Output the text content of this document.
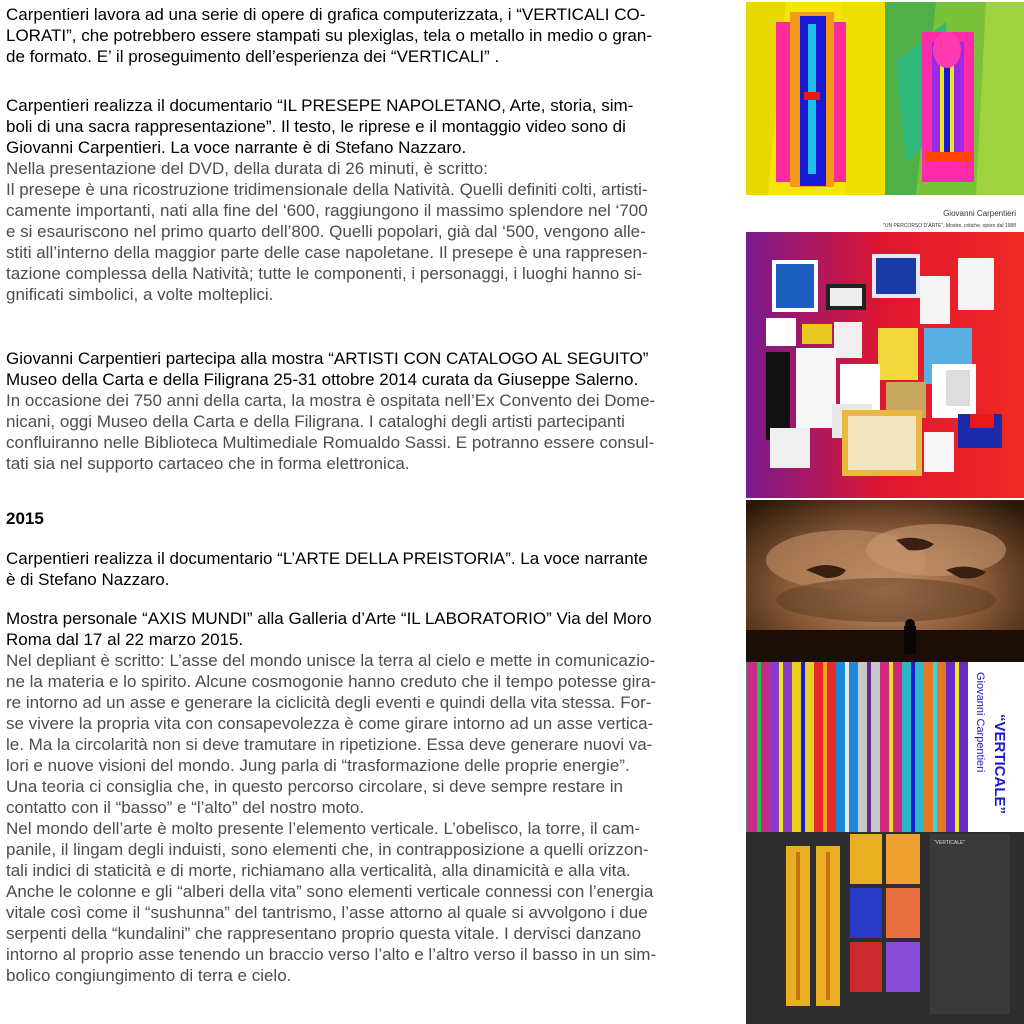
Carpentieri lavora ad una serie di opere di grafica computerizzata, i “VERTICALI CO-
LORATI”, che potrebbero essere stampati su plexiglas, tela o metallo in medio o gran-
de formato. E’ il proseguimento dell’esperienza dei “VERTICALI” .
Carpentieri realizza il documentario “IL PRESEPE NAPOLETANO, Arte, storia, sim-
boli di una sacra rappresentazione”. Il testo, le riprese e il montaggio video sono di
Giovanni Carpentieri. La voce narrante è di Stefano Nazzaro.
Nella presentazione del DVD, della durata di 26 minuti, è scritto:
Il presepe è una ricostruzione tridimensionale della Natività. Quelli definiti colti, artisti-
camente importanti, nati alla fine del ‘600, raggiungono il massimo splendore nel ‘700
e si esauriscono nel primo quarto dell’800. Quelli popolari, già dal ‘500, vengono alle-
stiti all’interno della maggior parte delle case napoletane. Il presepe è una rappresen-
tazione complessa della Natività; tutte le componenti, i personaggi, i luoghi hanno si-
gnificati simbolici, a volte molteplici.
Giovanni Carpentieri partecipa alla mostra “ARTISTI CON CATALOGO AL SEGUITO”
Museo della Carta e della Filigrana 25-31 ottobre 2014 curata da Giuseppe Salerno.
In occasione dei 750 anni della carta, la mostra è ospitata nell’Ex Convento dei Dome-
nicani, oggi Museo della Carta e della Filigrana. I cataloghi degli artisti partecipanti
confluiranno nelle Biblioteca Multimediale Romualdo Sassi. E potranno essere consul-
tati sia nel supporto cartaceo che in forma elettronica.
2015
Carpentieri realizza il documentario “L’ARTE DELLA PREISTORIA”. La voce narrante
è di Stefano Nazzaro.
Mostra personale “AXIS MUNDI” alla Galleria d’Arte “IL LABORATORIO” Via del Moro
Roma dal 17 al 22 marzo 2015.
Nel depliant è scritto: L’asse del mondo unisce la terra al cielo e mette in comunicazio-
ne la materia e lo spirito. Alcune cosmogonie hanno creduto che il tempo potesse gira-
re intorno ad un asse e generare la ciclicità degli eventi e quindi della vita stessa. For-
se vivere la propria vita con consapevolezza è come girare intorno ad un asse vertica-
le. Ma la circolarità non si deve tramutare in ripetizione. Essa deve generare nuovi va-
lori e nuove visioni del mondo. Jung parla di “trasformazione delle proprie energie”.
Una teoria ci consiglia che, in questo percorso circolare, si deve sempre restare in
contatto con il “basso” e “l’alto” del nostro moto.
Nel mondo dell’arte è molto presente l’elemento verticale. L’obelisco, la torre, il cam-
panile, il lingam degli induisti, sono elementi che, in contrapposizione a quelli orizzon-
tali indici di staticità e di morte, richiamano alla verticalità, alla dinamicità e alla vita.
Anche le colonne e gli “alberi della vita” sono elementi verticale connessi con l’energia
vitale così come il “sushunna” del tantrismo, l’asse attorno al quale si avvolgono i due
serpenti della “kundalini” che rappresentano proprio questa vitale. I dervisci danzano
intorno al proprio asse tenendo un braccio verso l’alto e l’altro verso il basso in un sim-
bolico congiungimento di terra e cielo.
Giovanni Carpentieri
“UN PERCORSO D’ARTE”, Mostre, critiche, opere dal 1988
Giovanni Carpentieri “VERTICALE”
“VERTICALE”
